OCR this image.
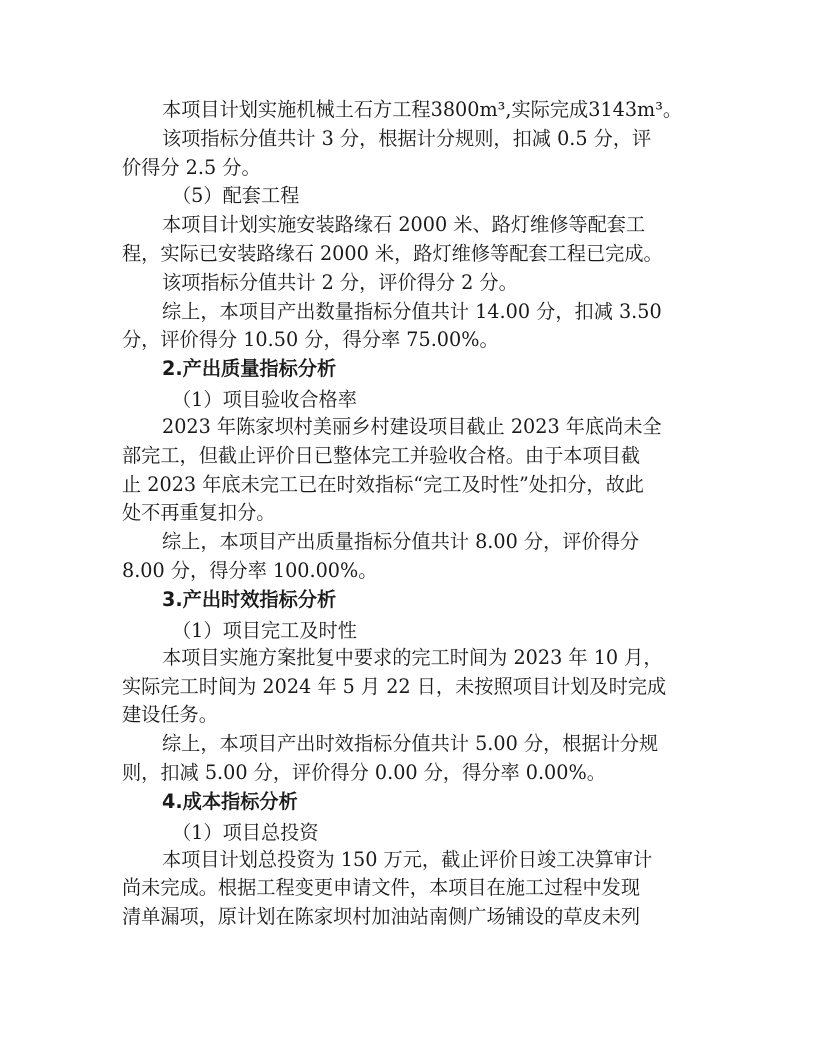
本项目计划实施机械土石方工程3800m³,实际完成3143m³。
该项指标分值共计 3 分，根据计分规则，扣减 0.5 分，评
价得分 2.5 分。
（5）配套工程
本项目计划实施安装路缘石 2000 米、路灯维修等配套工
程，实际已安装路缘石 2000 米，路灯维修等配套工程已完成。
该项指标分值共计 2 分，评价得分 2 分。
综上，本项目产出数量指标分值共计 14.00 分，扣减 3.50
分，评价得分 10.50 分，得分率 75.00%。
2.产出质量指标分析
（1）项目验收合格率
2023 年陈家坝村美丽乡村建设项目截止 2023 年底尚未全
部完工，但截止评价日已整体完工并验收合格。由于本项目截
止 2023 年底未完工已在时效指标“完工及时性”处扣分，故此
处不再重复扣分。
综上，本项目产出质量指标分值共计 8.00 分，评价得分
8.00 分，得分率 100.00%。
3.产出时效指标分析
（1）项目完工及时性
本项目实施方案批复中要求的完工时间为 2023 年 10 月，
实际完工时间为 2024 年 5 月 22 日，未按照项目计划及时完成
建设任务。
综上，本项目产出时效指标分值共计 5.00 分，根据计分规
则，扣减 5.00 分，评价得分 0.00 分，得分率 0.00%。
4.成本指标分析
（1）项目总投资
本项目计划总投资为 150 万元，截止评价日竣工决算审计
尚未完成。根据工程变更申请文件，本项目在施工过程中发现
清单漏项，原计划在陈家坝村加油站南侧广场铺设的草皮未列
